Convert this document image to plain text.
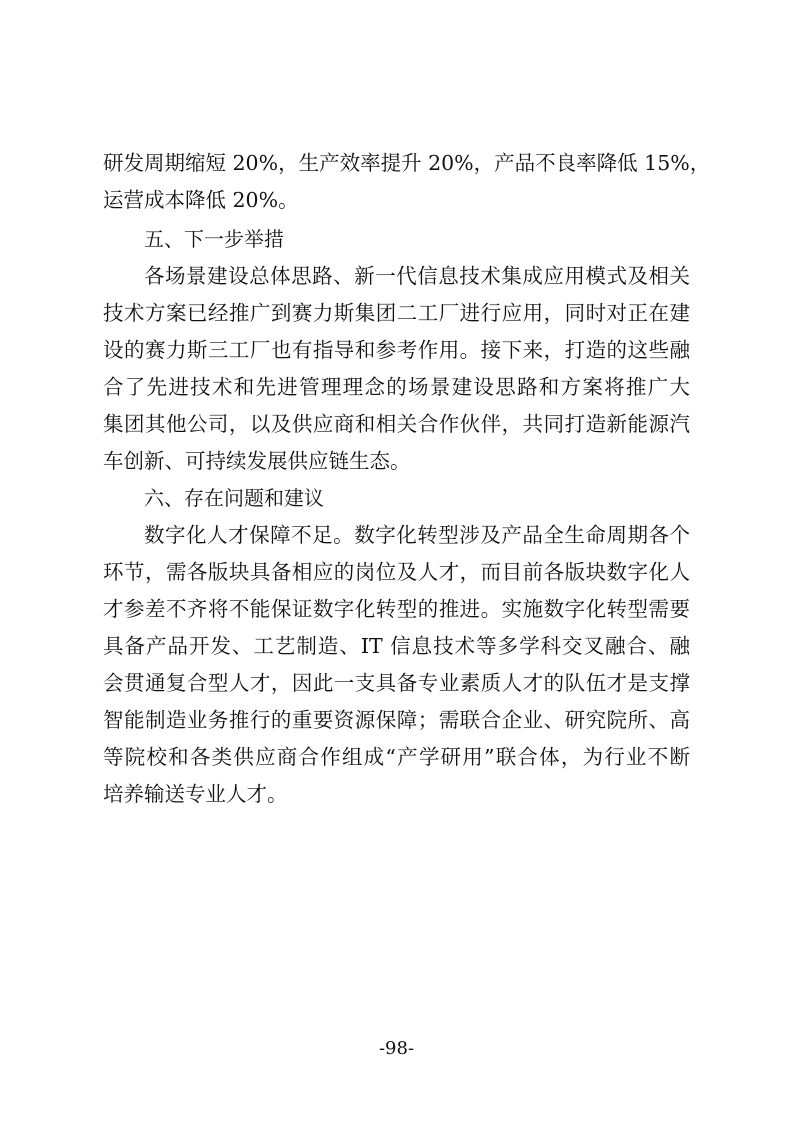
研发周期缩短 20%，生产效率提升 20%，产品不良率降低 15%，
运营成本降低 20%。
五、下一步举措
各场景建设总体思路、新一代信息技术集成应用模式及相关
技术方案已经推广到赛力斯集团二工厂进行应用，同时对正在建
设的赛力斯三工厂也有指导和参考作用。接下来，打造的这些融
合了先进技术和先进管理理念的场景建设思路和方案将推广大
集团其他公司，以及供应商和相关合作伙伴，共同打造新能源汽
车创新、可持续发展供应链生态。
六、存在问题和建议
数字化人才保障不足。数字化转型涉及产品全生命周期各个
环节，需各版块具备相应的岗位及人才，而目前各版块数字化人
才参差不齐将不能保证数字化转型的推进。实施数字化转型需要
具备产品开发、工艺制造、IT 信息技术等多学科交叉融合、融
会贯通复合型人才，因此一支具备专业素质人才的队伍才是支撑
智能制造业务推行的重要资源保障；需联合企业、研究院所、高
等院校和各类供应商合作组成“产学研用”联合体，为行业不断
培养输送专业人才。
-98-
